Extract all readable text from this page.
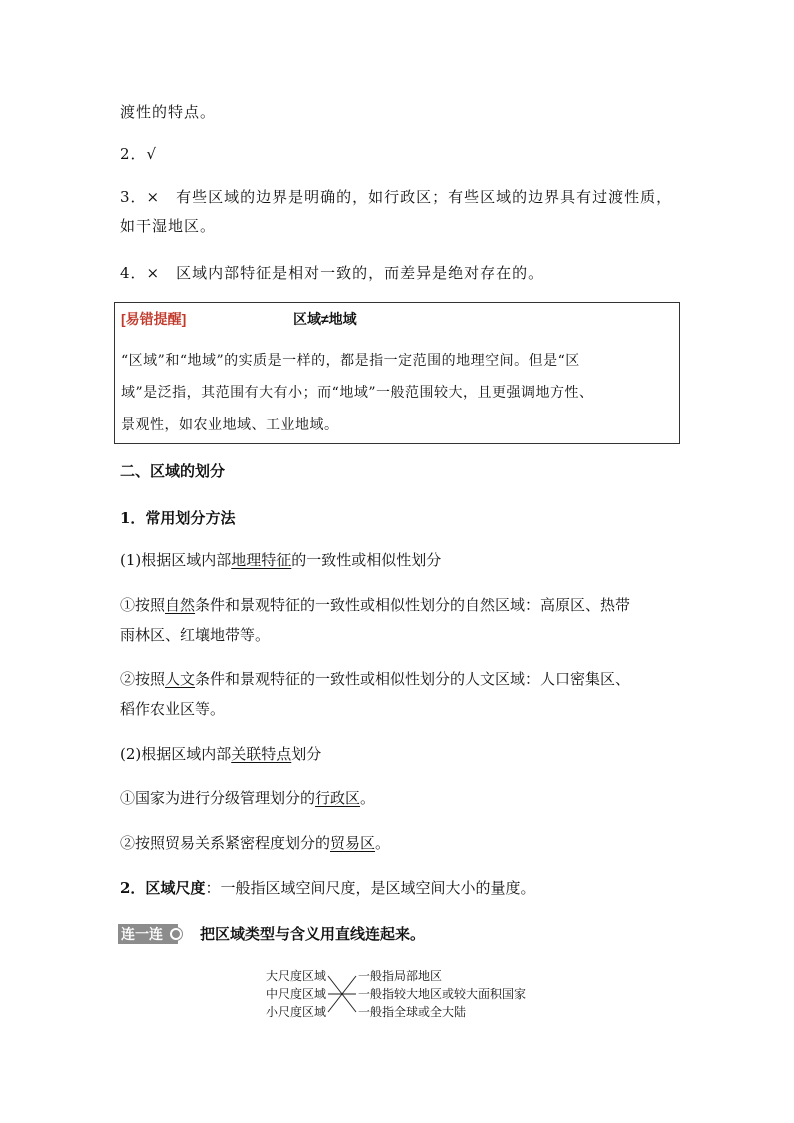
渡性的特点。
2．√
3．×　有些区域的边界是明确的，如行政区；有些区域的边界具有过渡性质，
如干湿地区。
4．×　区域内部特征是相对一致的，而差异是绝对存在的。
[易错提醒]	区域≠地域
“区域”和“地域”的实质是一样的，都是指一定范围的地理空间。但是“区
域”是泛指，其范围有大有小；而“地域”一般范围较大，且更强调地方性、
景观性，如农业地域、工业地域。
二、区域的划分
1．常用划分方法
(1)根据区域内部地理特征的一致性或相似性划分
①按照自然条件和景观特征的一致性或相似性划分的自然区域：高原区、热带
雨林区、红壤地带等。
②按照人文条件和景观特征的一致性或相似性划分的人文区域：人口密集区、
稻作农业区等。
(2)根据区域内部关联特点划分
①国家为进行分级管理划分的行政区。
②按照贸易关系紧密程度划分的贸易区。
2．区域尺度：一般指区域空间尺度，是区域空间大小的量度。
连一连	把区域类型与含义用直线连起来。
大尺度区域
中尺度区域
小尺度区域
一般指局部地区
一般指较大地区或较大面积国家
一般指全球或全大陆
